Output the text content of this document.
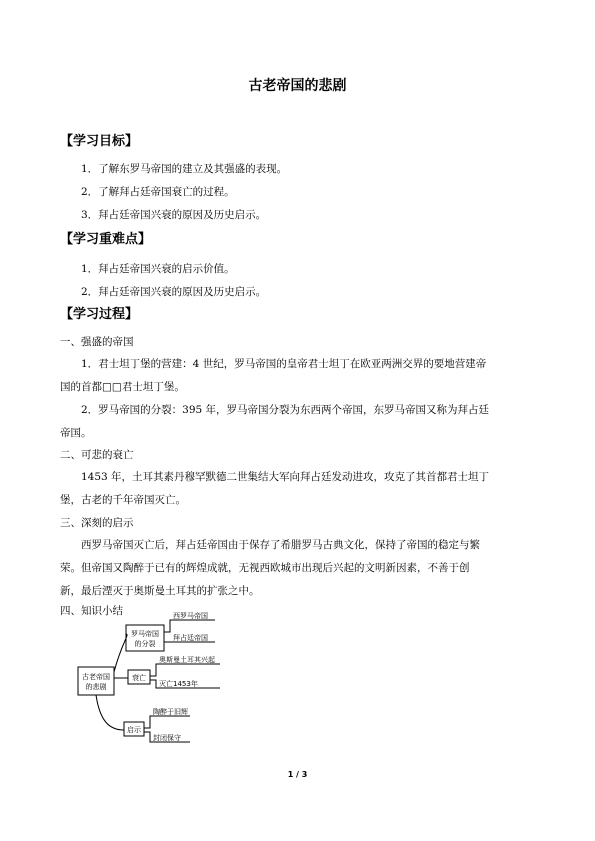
古老帝国的悲剧
【学习目标】
1．了解东罗马帝国的建立及其强盛的表现。
2．了解拜占廷帝国衰亡的过程。
3．拜占廷帝国兴衰的原因及历史启示。
【学习重难点】
1．拜占廷帝国兴衰的启示价值。
2．拜占廷帝国兴衰的原因及历史启示。
【学习过程】
一、强盛的帝国
1．君士坦丁堡的营建：4 世纪，罗马帝国的皇帝君士坦丁在欧亚两洲交界的要地营建帝
国的首都□□君士坦丁堡。
2．罗马帝国的分裂：395 年，罗马帝国分裂为东西两个帝国，东罗马帝国又称为拜占廷
帝国。
二、可悲的衰亡
1453 年，土耳其素丹穆罕默德二世集结大军向拜占廷发动进攻，攻克了其首都君士坦丁
堡，古老的千年帝国灭亡。
三、深刻的启示
西罗马帝国灭亡后，拜占廷帝国由于保存了希腊罗马古典文化，保持了帝国的稳定与繁
荣。但帝国又陶醉于已有的辉煌成就，无视西欧城市出现后兴起的文明新因素，不善于创
新，最后湮灭于奥斯曼土耳其的扩张之中。
四、知识小结
古老帝国
的悲剧
罗马帝国
的分裂
西罗马帝国
拜占廷帝国
衰亡
奥斯曼土耳其兴起
灭亡1453年
启示
陶醉于旧辉
封闭保守
1 / 3
